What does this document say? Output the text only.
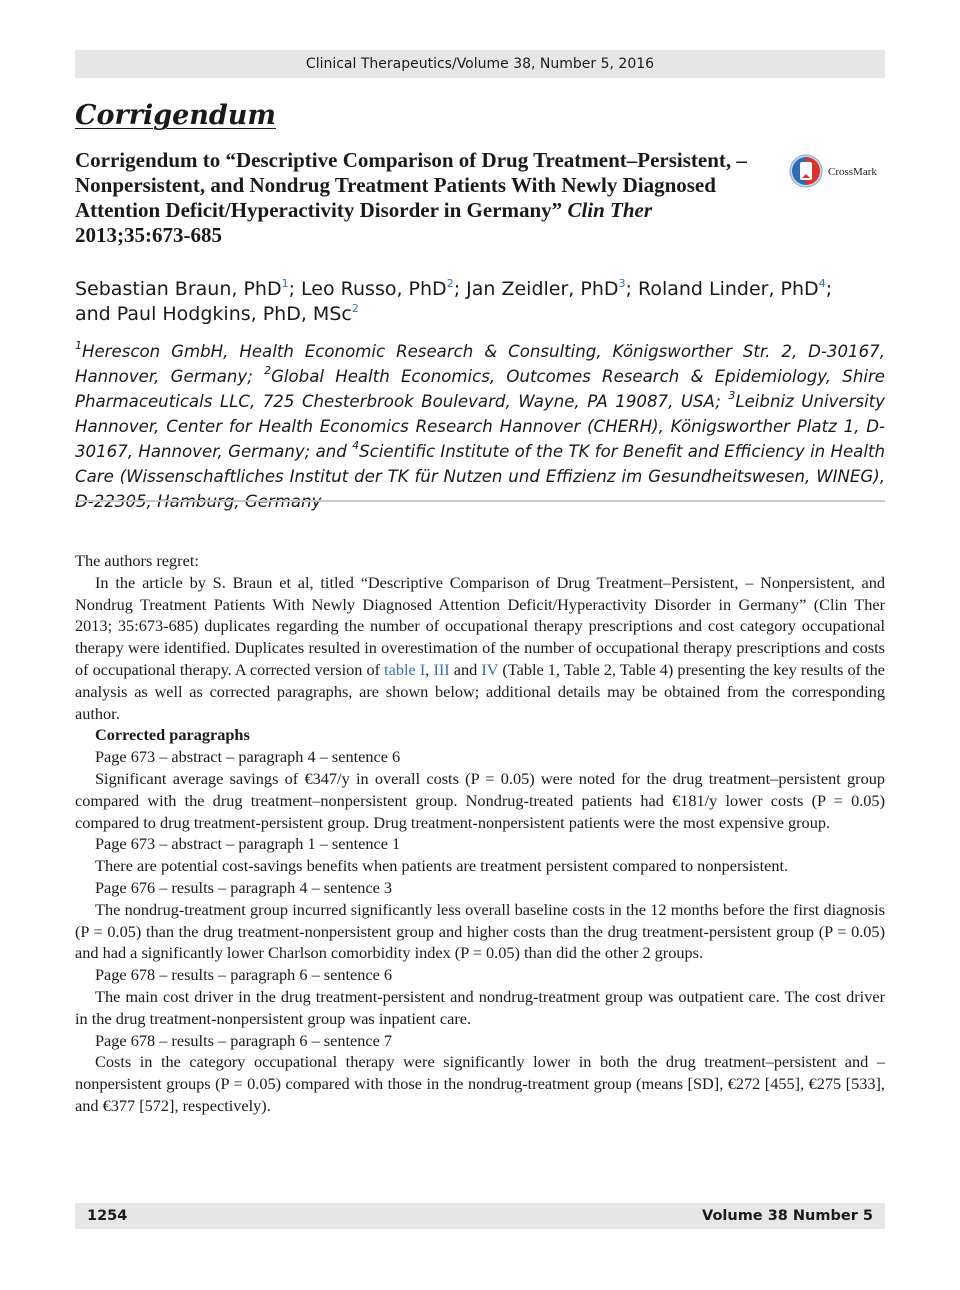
Clinical Therapeutics/Volume 38, Number 5, 2016
Corrigendum
Corrigendum to “Descriptive Comparison of Drug Treatment–Persistent, – Nonpersistent, and Nondrug Treatment Patients With Newly Diagnosed Attention Deficit/Hyperactivity Disorder in Germany” Clin Ther 2013;35:673-685
CrossMark
Sebastian Braun, PhD$^1$; Leo Russo, PhD$^2$; Jan Zeidler, PhD$^3$; Roland Linder, PhD$^4$;
and Paul Hodgkins, PhD, MSc$^2$
$^1$Herescon GmbH, Health Economic Research & Consulting, Königsworther Str. 2, D-30167, Hannover, Germany; $^2$Global Health Economics, Outcomes Research & Epidemiology, Shire Pharmaceuticals LLC, 725 Chesterbrook Boulevard, Wayne, PA 19087, USA; $^3$Leibniz University Hannover, Center for Health Economics Research Hannover (CHERH), Königsworther Platz 1, D-30167, Hannover, Germany; and $^4$Scientific Institute of the TK for Benefit and Efficiency in Health Care (Wissenschaftliches Institut der TK für Nutzen und Effizienz im Gesundheitswesen, WINEG), D-22305, Hamburg, Germany

The authors regret:

In the article by S. Braun et al, titled “Descriptive Comparison of Drug Treatment–Persistent, – Nonpersistent, and Nondrug Treatment Patients With Newly Diagnosed Attention Deficit/Hyperactivity Disorder in Germany” (Clin Ther 2013; 35:673-685) duplicates regarding the number of occupational therapy prescriptions and cost category occupational therapy were identified. Duplicates resulted in overestimation of the number of occupational therapy prescriptions and costs of occupational therapy. A corrected version of table I, III and IV (Table 1, Table 2, Table 4) presenting the key results of the analysis as well as corrected paragraphs, are shown below; additional details may be obtained from the corresponding author.

Corrected paragraphs

Page 673 – abstract – paragraph 4 – sentence 6

Significant average savings of €347/y in overall costs (P = 0.05) were noted for the drug treatment–persistent group compared with the drug treatment–nonpersistent group. Nondrug-treated patients had €181/y lower costs (P = 0.05) compared to drug treatment-persistent group. Drug treatment-nonpersistent patients were the most expensive group.

Page 673 – abstract – paragraph 1 – sentence 1

There are potential cost-savings benefits when patients are treatment persistent compared to nonpersistent.

Page 676 – results – paragraph 4 – sentence 3

The nondrug-treatment group incurred significantly less overall baseline costs in the 12 months before the first diagnosis (P = 0.05) than the drug treatment-nonpersistent group and higher costs than the drug treatment-persistent group (P = 0.05) and had a significantly lower Charlson comorbidity index (P = 0.05) than did the other 2 groups.

Page 678 – results – paragraph 6 – sentence 6

The main cost driver in the drug treatment-persistent and nondrug-treatment group was outpatient care. The cost driver in the drug treatment-nonpersistent group was inpatient care.

Page 678 – results – paragraph 6 – sentence 7

Costs in the category occupational therapy were significantly lower in both the drug treatment–persistent and –nonpersistent groups (P = 0.05) compared with those in the nondrug-treatment group (means [SD], €272 [455], €275 [533], and €377 [572], respectively).

1254	Volume 38 Number 5
